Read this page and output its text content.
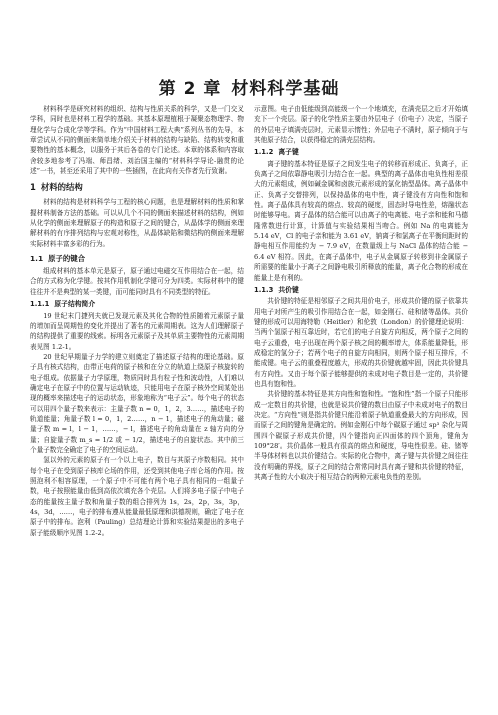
第 2 章 材料科学基础

材料科学是研究材料的组织、结构与性质关系的科学，又是一门交叉学科，同时也是材料工程学的基础。其基本原理植根于凝聚态物理学、物理化学与合成化学等学科。作为“中国材料工程大典”系列丛书的先导，本章尝试从不同的侧面来简单地介绍关于材料的结构与缺陷、结构转变和重要物性的基本概念，以服务于其后各卷的专门论述。本章的体系和内容取舍较多地参考了冯端、师昌绪、刘治国主编的“材料科学导论-融贯的论述”一书，甚至还采用了其中的一些插图，在此向有关作者先行致谢。

1 材料的结构

材料的结构是材料科学与工程的核心问题，也是理解材料的性质和掌握材料制备方法的基础。可以从几个不同的侧面来描述材料的结构，例如从化学的侧面来理解原子的构造和原子之间的键合，从晶体学的侧面来理解材料的有序排列结构与宏观对称性，从晶体缺陷和微结构的侧面来理解实际材料丰富多彩的行为。

1.1 原子的键合

组成材料的基本单元是原子，原子通过电磁交互作用结合在一起，结合的方式称为化学键。按其作用机制化学键可分为四类。实际材料中的键往往并不是典型的某一类键，而可能同时具有不同类型的特征。

1.1.1 原子结构简介

19 世纪末门捷列夫就已发现元素及其化合物的性质随着元素原子量的增加而呈周期性的变化并提出了著名的元素周期表。这为人们理解原子的结构提供了重要的线索。标明各元素原子及其单质主要物性的元素周期表见图 1.2-1。

20 世纪早期量子力学的建立则奠定了描述原子结构的理论基础。原子具有核式结构，由带正电荷的原子核和在分立的轨道上绕原子核旋转的电子组成。依据量子力学原理，物质同时具有粒子性和波动性，人们难以确定电子在原子中的位置与运动轨迹，只能用电子在原子核外空间某处出现的概率来描述电子的运动状态，形象地称为“电子云”。每个电子的状态可以用四个量子数来表示：主量子数 n = 0，1，2，3……，描述电子的轨道能量；角量子数 l = 0，1，2……，n − 1，描述电子的角动量；磁量子数 m = l，l − 1，……，− l，描述电子的角动量在 z 轴方向的分量；自旋量子数 m_s = 1/2 或 − 1/2，描述电子的自旋状态。其中前三个量子数完全确定了电子的空间运动。

氢以外的元素的原子有一个以上电子，数目与其原子序数相同。其中每个电子在受到原子核库仑场的作用，还受到其他电子库仑场的作用。按照泡利不相容原理，一个原子中不可能有两个电子具有相同的一组量子数，电子按照能量由低到高依次填充各个壳层。人们将多电子原子中电子态的能量按主量子数和角量子数的组合排列为 1s，2s，2p，3s，3p，4s，3d，……，电子的排布遵从能量最低原理和洪德规则，确定了电子在原子中的排布。泡利（Pauling）总结理论计算和实验结果提出的多电子原子能级顺序见图 1.2-2。

示意图。电子由低能级到高能级一个一个地填充，在满壳层之后才开始填充下一个壳层。原子的化学性质主要由外层电子（价电子）决定，当原子的外层电子填满壳层时，元素显示惰性；外层电子不满时，原子倾向于与其他原子结合，以获得稳定的满壳层结构。

1.1.2 离子键

离子键的基本特征是原子之间发生电子的转移而形成正、负离子，正负离子之间依靠静电吸引力结合在一起。典型的离子晶体由电负性相差很大的元素组成，例如碱金属和卤族元素形成的氯化钠型晶体。离子晶体中正、负离子交替排列，以保持晶体的电中性，离子键没有方向性和饱和性。离子晶体具有较高的熔点、较高的硬度，固态时导电性差，熔融状态时能够导电。离子晶体的结合能可以由离子的电离能、电子亲和能和马德隆常数进行计算，计算值与实验结果相当吻合。例如 Na 的电离能为 5.14 eV，Cl 的电子亲和能为 3.61 eV，钠离子和氯离子在平衡间距时的静电相互作用能约为 − 7.9 eV，在数量级上与 NaCl 晶体的结合能 − 6.4 eV 相符。因此，在离子晶体中，电子从金属原子转移到非金属原子所需要的能量小于离子之间静电吸引所释放的能量，离子化合物的形成在能量上是有利的。

1.1.3 共价键

共价键的特征是相邻原子之间共用价电子，形成共价键的原子依靠共用电子对所产生的吸引作用结合在一起，如金刚石、硅和锗等晶体。共价键的形成可以用海特勒（Heitler）和伦敦（London）的价键理论说明：当两个氢原子相互靠近时，若它们的电子自旋方向相反，两个原子之间的电子云重叠，电子出现在两个原子核之间的概率增大，体系能量降低，形成稳定的氢分子；若两个电子的自旋方向相同，则两个原子相互排斥，不能成键。电子云的重叠程度越大，形成的共价键就越牢固，因此共价键具有方向性。又由于每个原子能够提供的未成对电子数目是一定的，共价键也具有饱和性。

共价键的基本特征是其方向性和饱和性。“饱和性”指一个原子只能形成一定数目的共价键，也就是说共价键的数目由原子中未成对电子的数目决定。“方向性”则是指共价键只能沿着原子轨道重叠最大的方向形成，因而原子之间的键角是确定的。例如金刚石中每个碳原子通过 sp³ 杂化与周围四个碳原子形成共价键，四个键指向正四面体的四个顶角，键角为 109°28′。共价晶体一般具有很高的熔点和硬度，导电性很差。硅、锗等半导体材料也以共价键结合。实际的化合物中，离子键与共价键之间往往没有明确的界线，原子之间的结合常常同时具有离子键和共价键的特征，其离子性的大小取决于相互结合的两种元素电负性的差别。
